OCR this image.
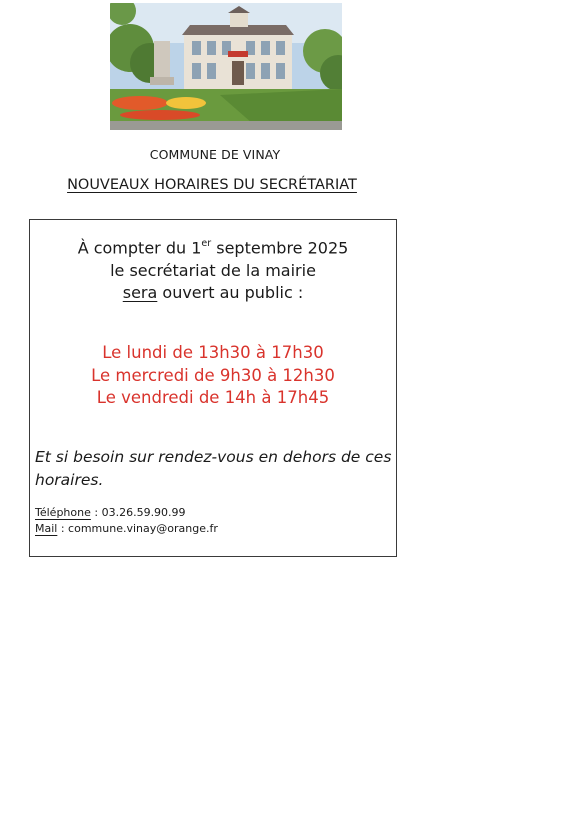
COMMUNE DE VINAY
NOUVEAUX HORAIRES DU SECRÉTARIAT
À compter du 1er septembre 2025
le secrétariat de la mairie
sera ouvert au public :
Le lundi de 13h30 à 17h30
Le mercredi de 9h30 à 12h30
Le vendredi de 14h à 17h45
Et si besoin sur rendez-vous en dehors de ces horaires.
Téléphone : 03.26.59.90.99
Mail : commune.vinay@orange.fr
